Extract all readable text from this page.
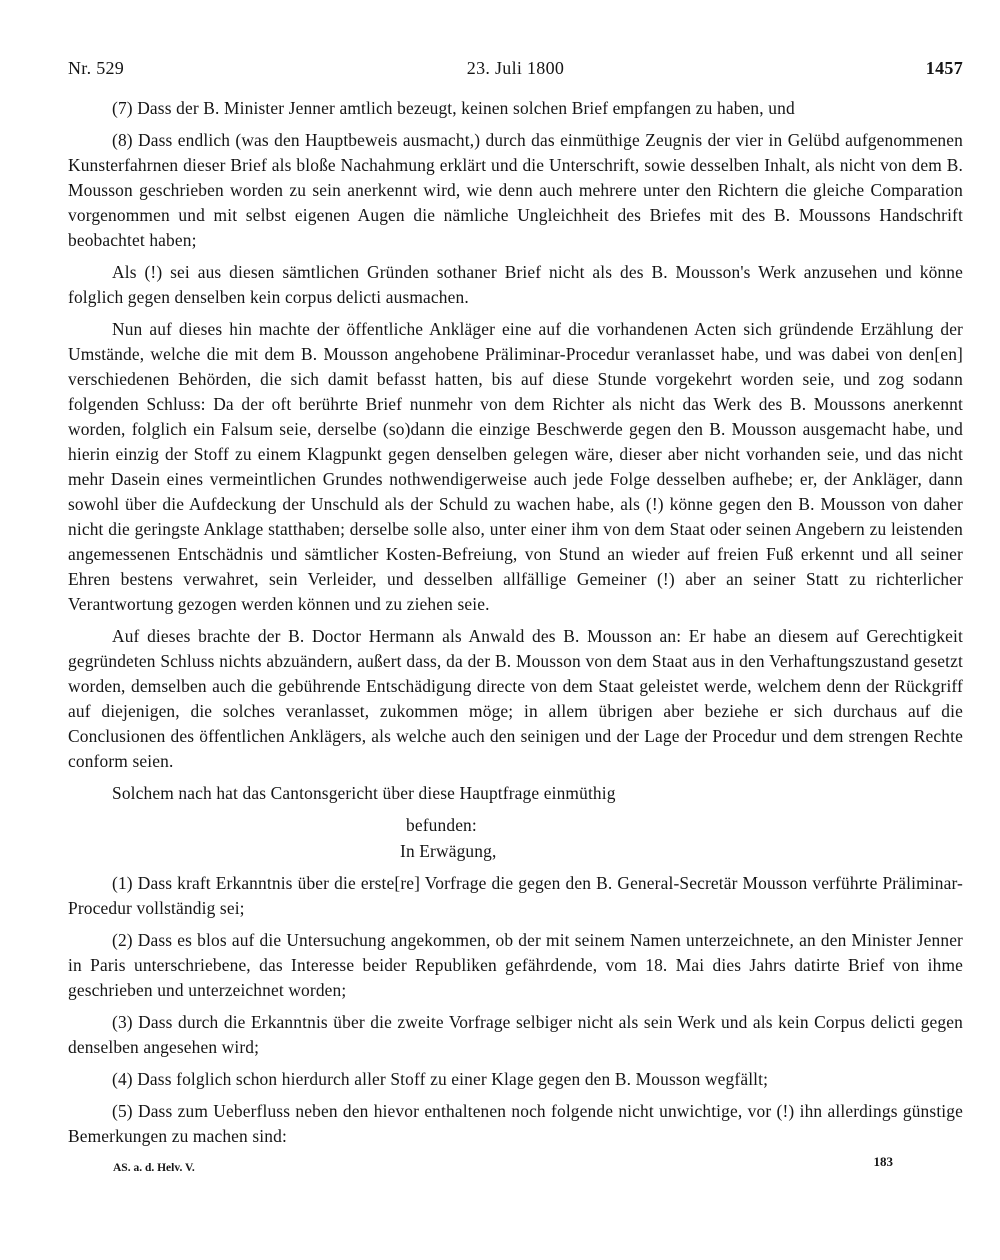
Nr. 529	23. Juli 1800	1457

(7) Dass der B. Minister Jenner amtlich bezeugt, keinen solchen Brief empfangen zu haben, und

(8) Dass endlich (was den Hauptbeweis ausmacht,) durch das einmüthige Zeugnis der vier in Gelübd aufgenommenen Kunsterfahrnen dieser Brief als bloße Nachahmung erklärt und die Unterschrift, sowie desselben Inhalt, als nicht von dem B. Mousson geschrieben worden zu sein anerkennt wird, wie denn auch mehrere unter den Richtern die gleiche Comparation vorgenommen und mit selbst eigenen Augen die nämliche Ungleichheit des Briefes mit des B. Moussons Handschrift beobachtet haben;

Als (!) sei aus diesen sämtlichen Gründen sothaner Brief nicht als des B. Mousson's Werk anzusehen und könne folglich gegen denselben kein corpus delicti ausmachen.

Nun auf dieses hin machte der öffentliche Ankläger eine auf die vorhandenen Acten sich gründende Erzählung der Umstände, welche die mit dem B. Mousson angehobene Präliminar-Procedur veranlasset habe, und was dabei von den[en] verschiedenen Behörden, die sich damit befasst hatten, bis auf diese Stunde vorgekehrt worden seie, und zog sodann folgenden Schluss: Da der oft berührte Brief nunmehr von dem Richter als nicht das Werk des B. Moussons anerkennt worden, folglich ein Falsum seie, derselbe (so)dann die einzige Beschwerde gegen den B. Mousson ausgemacht habe, und hierin einzig der Stoff zu einem Klagpunkt gegen denselben gelegen wäre, dieser aber nicht vorhanden seie, und das nicht mehr Dasein eines vermeintlichen Grundes nothwendigerweise auch jede Folge desselben aufhebe; er, der Ankläger, dann sowohl über die Aufdeckung der Unschuld als der Schuld zu wachen habe, als (!) könne gegen den B. Mousson von daher nicht die geringste Anklage statthaben; derselbe solle also, unter einer ihm von dem Staat oder seinen Angebern zu leistenden angemessenen Entschädnis und sämtlicher Kosten-Befreiung, von Stund an wieder auf freien Fuß erkennt und all seiner Ehren bestens verwahret, sein Verleider, und desselben allfällige Gemeiner (!) aber an seiner Statt zu richterlicher Verantwortung gezogen werden können und zu ziehen seie.

Auf dieses brachte der B. Doctor Hermann als Anwald des B. Mousson an: Er habe an diesem auf Gerechtigkeit gegründeten Schluss nichts abzuändern, außert dass, da der B. Mousson von dem Staat aus in den Verhaftungszustand gesetzt worden, demselben auch die gebührende Entschädigung directe von dem Staat geleistet werde, welchem denn der Rückgriff auf diejenigen, die solches veranlasset, zukommen möge; in allem übrigen aber beziehe er sich durchaus auf die Conclusionen des öffentlichen Anklägers, als welche auch den seinigen und der Lage der Procedur und dem strengen Rechte conform seien.

Solchem nach hat das Cantonsgericht über diese Hauptfrage einmüthig

befunden:

In Erwägung,

(1) Dass kraft Erkanntnis über die erste[re] Vorfrage die gegen den B. General-Secretär Mousson verführte Präliminar-Procedur vollständig sei;

(2) Dass es blos auf die Untersuchung angekommen, ob der mit seinem Namen unterzeichnete, an den Minister Jenner in Paris unterschriebene, das Interesse beider Republiken gefährdende, vom 18. Mai dies Jahrs datirte Brief von ihme geschrieben und unterzeichnet worden;

(3) Dass durch die Erkanntnis über die zweite Vorfrage selbiger nicht als sein Werk und als kein Corpus delicti gegen denselben angesehen wird;

(4) Dass folglich schon hierdurch aller Stoff zu einer Klage gegen den B. Mousson wegfällt;

(5) Dass zum Ueberfluss neben den hievor enthaltenen noch folgende nicht unwichtige, vor (!) ihn allerdings günstige Bemerkungen zu machen sind:

AS. a. d. Helv. V.	183
